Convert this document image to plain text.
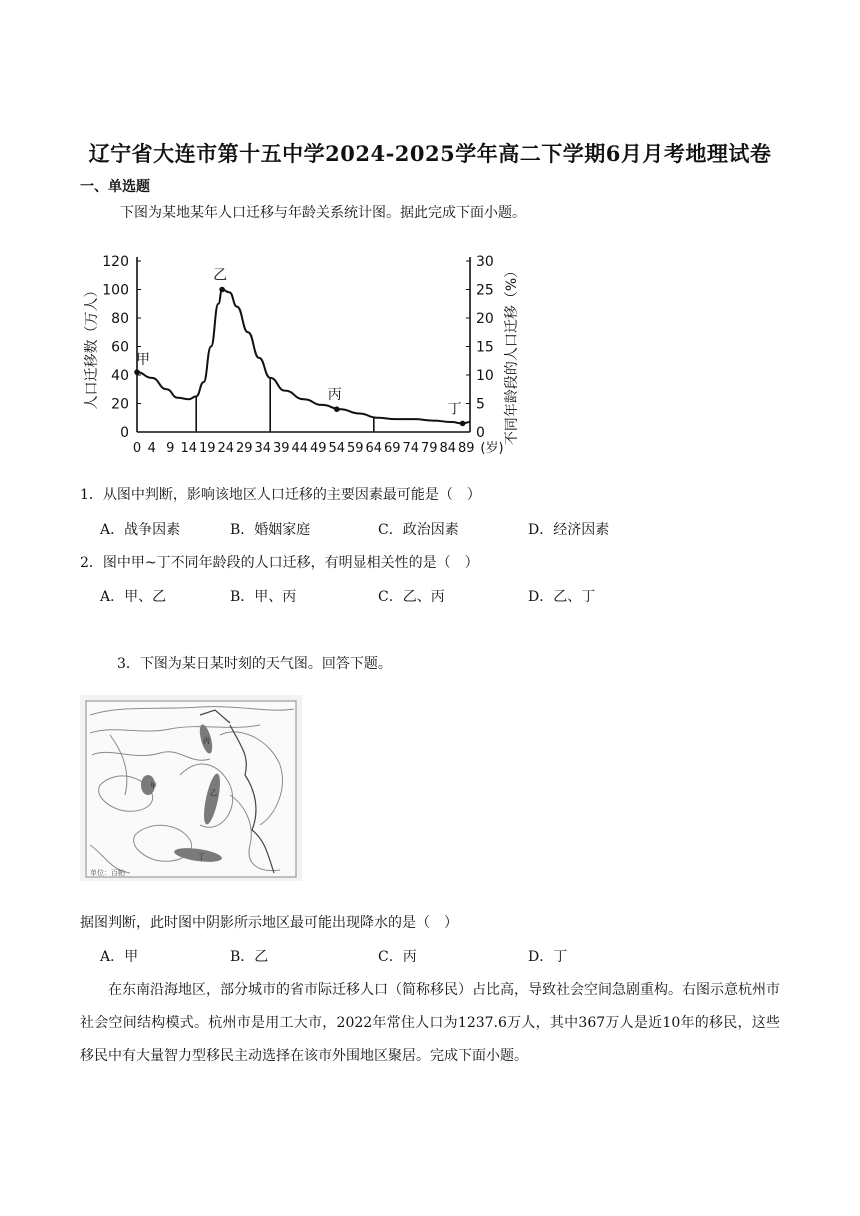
辽宁省大连市第十五中学2024-2025学年高二下学期6月月考地理试卷
一、单选题
下图为某地某年人口迁移与年龄关系统计图。据此完成下面小题。
0
20
40
60
80
100
120
0
5
10
15
20
25
30
0 4 9 14 19 24 29 34 39 44 49 54 59 64 69 74 79 84 89 (岁)
人口迁移数（万人）	不同年龄段的人口迁移（%）
甲
乙
丙
丁
1．从图中判断，影响该地区人口迁移的主要因素最可能是（　）
A．战争因素	B．婚姻家庭	C．政治因素	D．经济因素
2．图中甲~丁不同年龄段的人口迁移，有明显相关性的是（　）
A．甲、乙	B．甲、丙	C．乙、丙	D．乙、丁
3．下图为某日某时刻的天气图。回答下题。
甲
乙
丙
丁
单位：百帕
据图判断，此时图中阴影所示地区最可能出现降水的是（　）
A．甲	B．乙	C．丙	D．丁
在东南沿海地区，部分城市的省市际迁移人口（简称移民）占比高，导致社会空间急剧重构。右图示意杭州市社会空间结构模式。杭州市是用工大市，2022年常住人口为1237.6万人，其中367万人是近10年的移民，这些移民中有大量智力型移民主动选择在该市外围地区聚居。完成下面小题。
